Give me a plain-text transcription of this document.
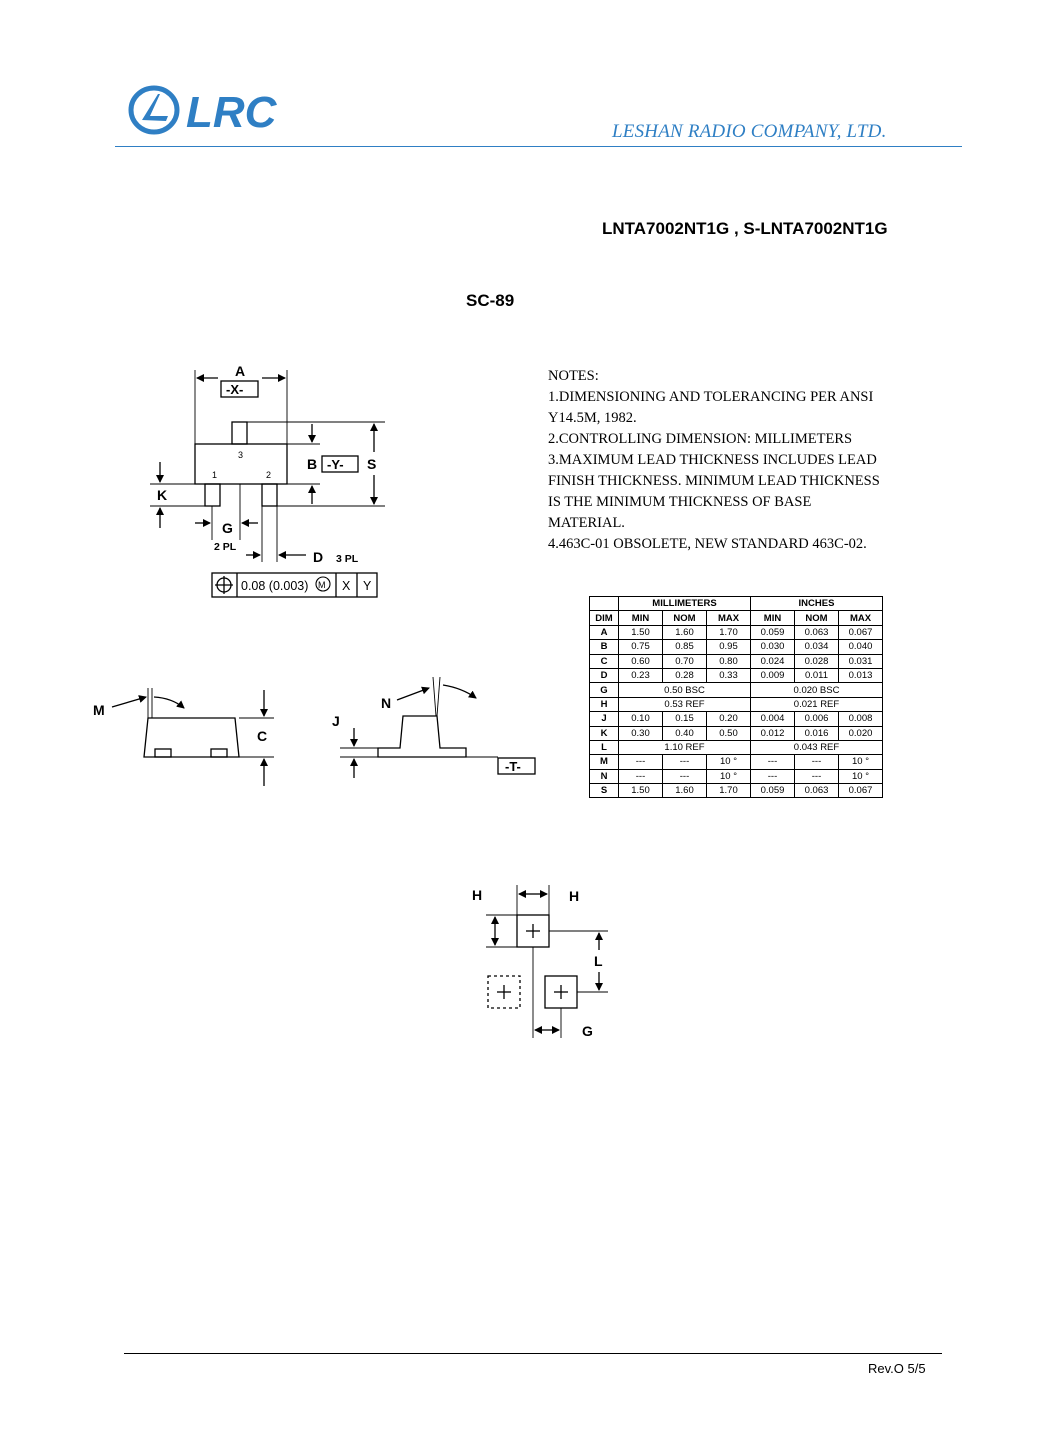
LRC	LESHAN RADIO COMPANY, LTD.
LNTA7002NT1G , S-LNTA7002NT1G
SC-89
A
-X-
3
1	2
B -Y- S
K
G
2 PL
D 3 PL
0.08 (0.003) M X Y
M
C
N
J
-T-
H	H
L
G
NOTES:
1.DIMENSIONING AND TOLERANCING PER ANSI
Y14.5M, 1982.
2.CONTROLLING DIMENSION: MILLIMETERS
3.MAXIMUM LEAD THICKNESS INCLUDES LEAD
FINISH THICKNESS. MINIMUM LEAD THICKNESS
IS THE MINIMUM THICKNESS OF BASE
MATERIAL.
4.463C-01 OBSOLETE, NEW STANDARD 463C-02.
	MILLIMETERS			INCHES		
DIM	MIN	NOM	MAX	MIN	NOM	MAX
A	1.50	1.60	1.70	0.059	0.063	0.067
B	0.75	0.85	0.95	0.030	0.034	0.040
C	0.60	0.70	0.80	0.024	0.028	0.031
D	0.23	0.28	0.33	0.009	0.011	0.013
G	0.50 BSC			0.020 BSC		
H	0.53 REF			0.021 REF		
J	0.10	0.15	0.20	0.004	0.006	0.008
K	0.30	0.40	0.50	0.012	0.016	0.020
L	1.10 REF			0.043 REF		
M	---	---	10 °	---	---	10 °
N	---	---	10 °	---	---	10 °
S	1.50	1.60	1.70	0.059	0.063	0.067
Rev.O 5/5
